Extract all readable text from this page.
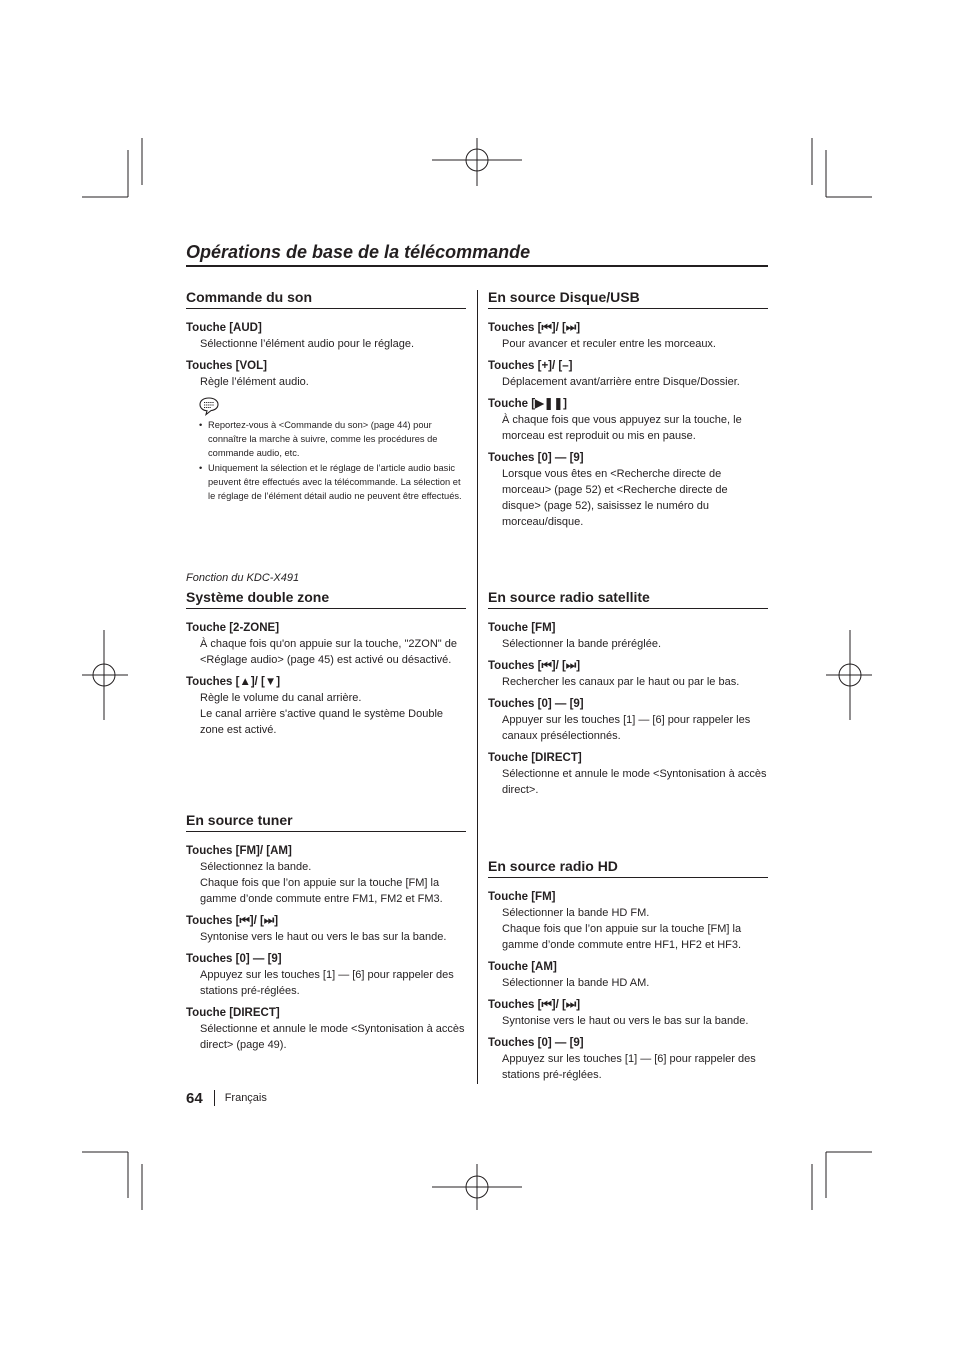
Opérations de base de la télécommande
Commande du son
Touche [AUD]
Sélectionne l’élément audio pour le réglage.
Touches [VOL]
Règle l’élément audio.
• Reportez-vous à <Commande du son> (page 44) pour connaître la marche à suivre, comme les procédures de commande audio, etc.
• Uniquement la sélection et le réglage de l’article audio basic peuvent être effectués avec la télécommande. La sélection et le réglage de l’élément détail audio ne peuvent être effectués.
Fonction du KDC-X491
Système double zone
Touche [2-ZONE]
À chaque fois qu'on appuie sur la touche, "2ZON" de <Réglage audio> (page 45) est activé ou désactivé.
Touches [▲]/ [▼]
Règle le volume du canal arrière.
Le canal arrière s'active quand le système Double zone est activé.
En source tuner
Touches [FM]/ [AM]
Sélectionnez la bande.
Chaque fois que l’on appuie sur la touche [FM] la gamme d’onde commute entre FM1, FM2 et FM3.
Touches [⏮]/ [⏭]
Syntonise vers le haut ou vers le bas sur la bande.
Touches [0] — [9]
Appuyez sur les touches [1] — [6] pour rappeler des stations pré-réglées.
Touche [DIRECT]
Sélectionne et annule le mode <Syntonisation à accès direct> (page 49).
En source Disque/USB
Touches [⏮]/ [⏭]
Pour avancer et reculer entre les morceaux.
Touches [+]/ [–]
Déplacement avant/arrière entre Disque/Dossier.
Touche [▶❚❚]
À chaque fois que vous appuyez sur la touche, le morceau est reproduit ou mis en pause.
Touches [0] — [9]
Lorsque vous êtes en <Recherche directe de morceau> (page 52) et <Recherche directe de disque> (page 52), saisissez le numéro du morceau/disque.
En source radio satellite
Touche [FM]
Sélectionner la bande préréglée.
Touches [⏮]/ [⏭]
Rechercher les canaux par le haut ou par le bas.
Touches [0] — [9]
Appuyer sur les touches [1] — [6] pour rappeler les canaux présélectionnés.
Touche [DIRECT]
Sélectionne et annule le mode <Syntonisation à accès direct>.
En source radio HD
Touche [FM]
Sélectionner la bande HD FM.
Chaque fois que l’on appuie sur la touche [FM] la gamme d’onde commute entre HF1, HF2 et HF3.
Touche [AM]
Sélectionner la bande HD AM.
Touches [⏮]/ [⏭]
Syntonise vers le haut ou vers le bas sur la bande.
Touches [0] — [9]
Appuyez sur les touches [1] — [6] pour rappeler des stations pré-réglées.
64 Français
